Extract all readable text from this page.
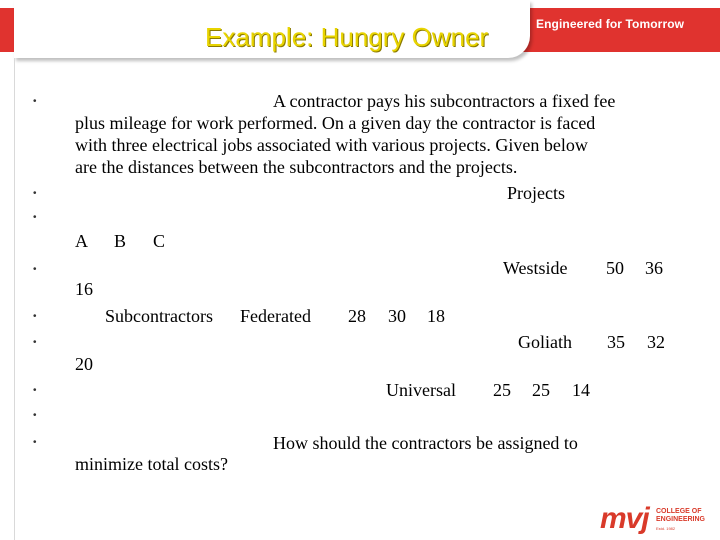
Example: Hungry Owner	Engineered for Tomorrow
•
•
•
•
•
•
•
•
•
A contractor pays his subcontractors a fixed fee
plus mileage for work performed. On a given day the contractor is faced
with three electrical jobs associated with various projects. Given below
are the distances between the subcontractors and the projects.
Projects
A B C
Westside 50 36
16
Subcontractors Federated 28 30 18
Goliath 35 32
20
Universal 25 25 14
How should the contractors be assigned to
minimize total costs?
mvj COLLEGE OF
ENGINEERING
Estd. 1982
